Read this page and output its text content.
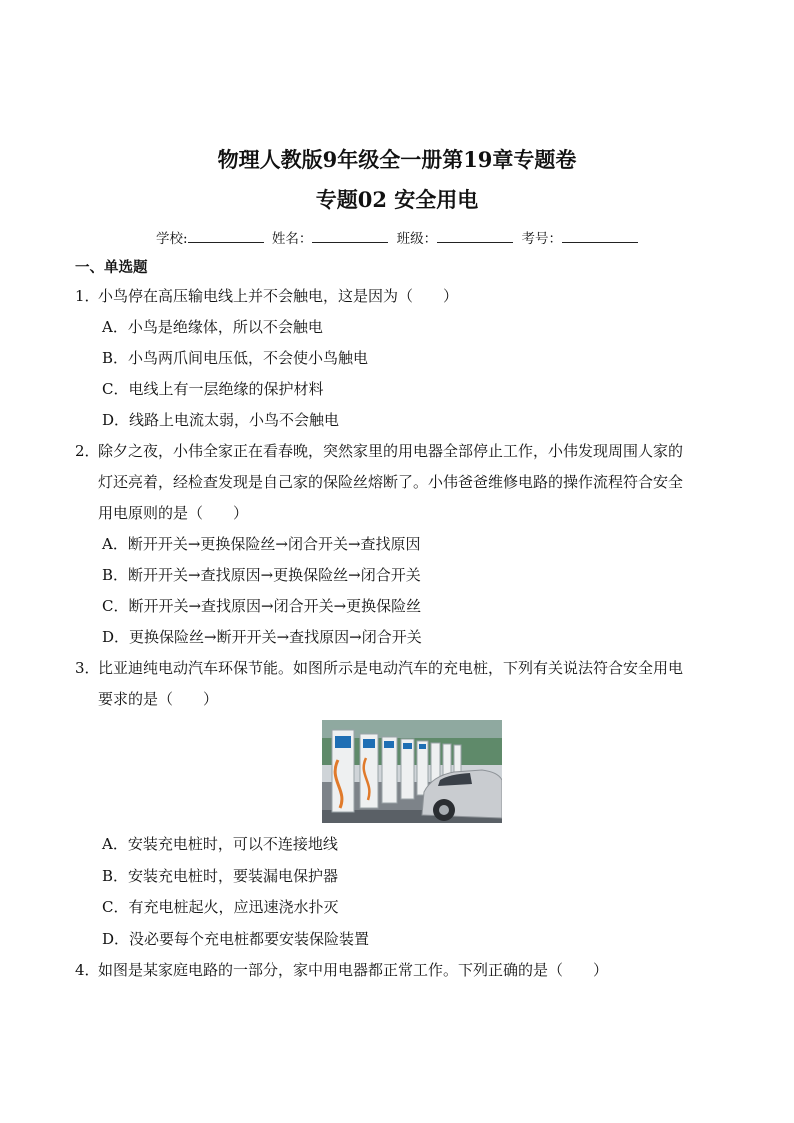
物理人教版9年级全一册第19章专题卷
专题02 安全用电
学校:	姓名：	班级：	考号：
一、单选题
1．
小鸟停在高压输电线上并不会触电，这是因为（　　）
A．小鸟是绝缘体，所以不会触电
B．小鸟两爪间电压低，不会使小鸟触电
C．电线上有一层绝缘的保护材料
D．线路上电流太弱，小鸟不会触电
2．
除夕之夜，小伟全家正在看春晚，突然家里的用电器全部停止工作，小伟发现周围人家的
灯还亮着，经检查发现是自己家的保险丝熔断了。小伟爸爸维修电路的操作流程符合安全
用电原则的是（　　）
A．断开开关→更换保险丝→闭合开关→查找原因
B．断开开关→查找原因→更换保险丝→闭合开关
C．断开开关→查找原因→闭合开关→更换保险丝
D．更换保险丝→断开开关→查找原因→闭合开关
3．
比亚迪纯电动汽车环保节能。如图所示是电动汽车的充电桩，下列有关说法符合安全用电
要求的是（　　）
A．安装充电桩时，可以不连接地线
B．安装充电桩时，要装漏电保护器
C．有充电桩起火，应迅速浇水扑灭
D．没必要每个充电桩都要安装保险装置
4．
如图是某家庭电路的一部分，家中用电器都正常工作。下列正确的是（　　）
